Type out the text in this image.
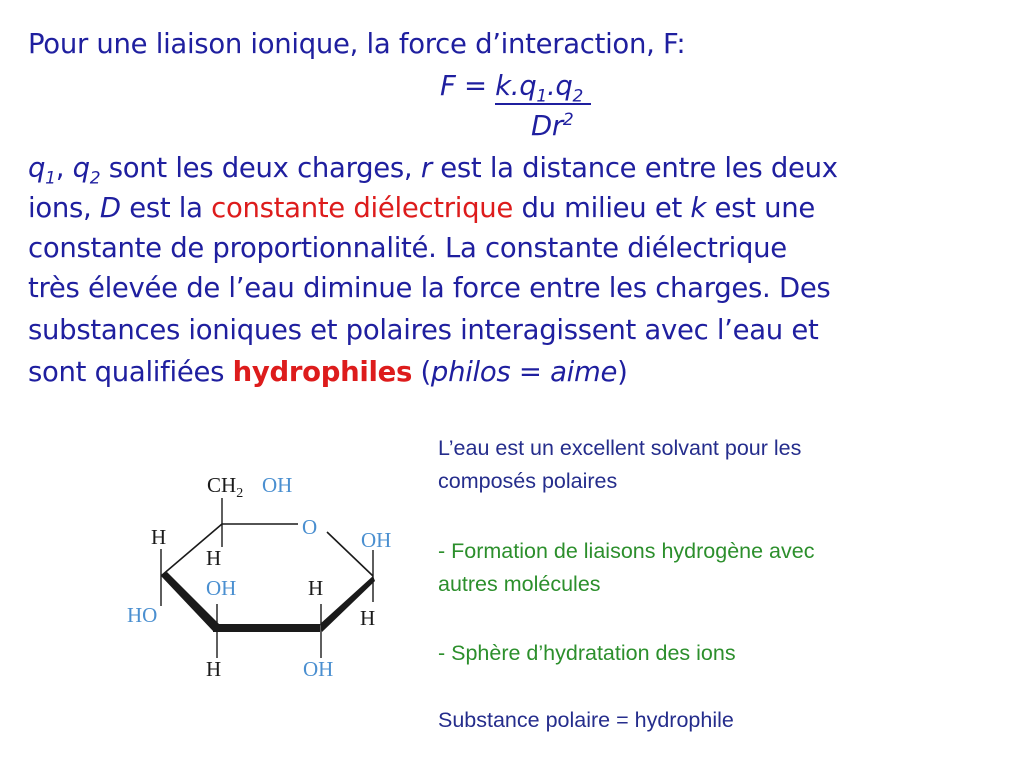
Pour une liaison ionique, la force d’interaction, F:
$F = k.q_1.q_2$
Dr$^2$
$q_1$, $q_2$ sont les deux charges, r est la distance entre les deux
ions, D est la constante diélectrique du milieu et k est une
constante de proportionnalité. La constante diélectrique
très élevée de l’eau diminue la force entre les charges. Des
substances ioniques et polaires interagissent avec l’eau et
sont qualifiées hydrophiles (philos = aime)
$CH_2$ OH
O
OH
H
H
OH	H
HO	H
H	OH
L’eau est un excellent solvant pour les
composés polaires
- Formation de liaisons hydrogène avec
autres molécules
- Sphère d’hydratation des ions
Substance polaire = hydrophile
